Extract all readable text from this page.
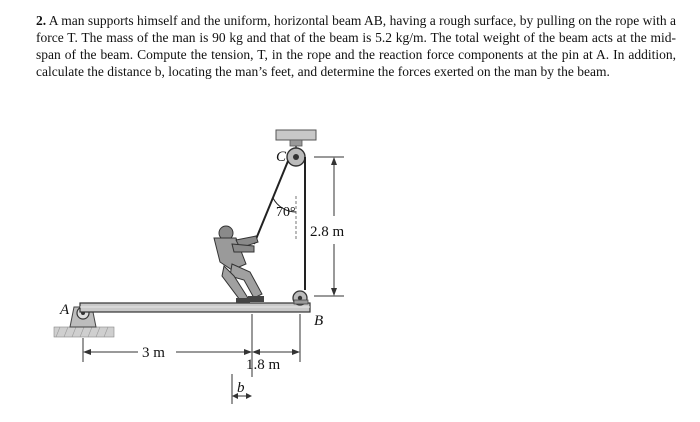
2. A man supports himself and the uniform, horizontal beam AB, having a rough surface, by pulling on the rope with a force T. The mass of the man is 90 kg and that of the beam is 5.2 kg/m. The total weight of the beam acts at the mid-span of the beam. Compute the tension, T, in the rope and the reaction force components at the pin at A. In addition, calculate the distance b, locating the man’s feet, and determine the forces exerted on the man by the beam.

A
B
C
70°
2.8 m
3 m
1.8 m
b
